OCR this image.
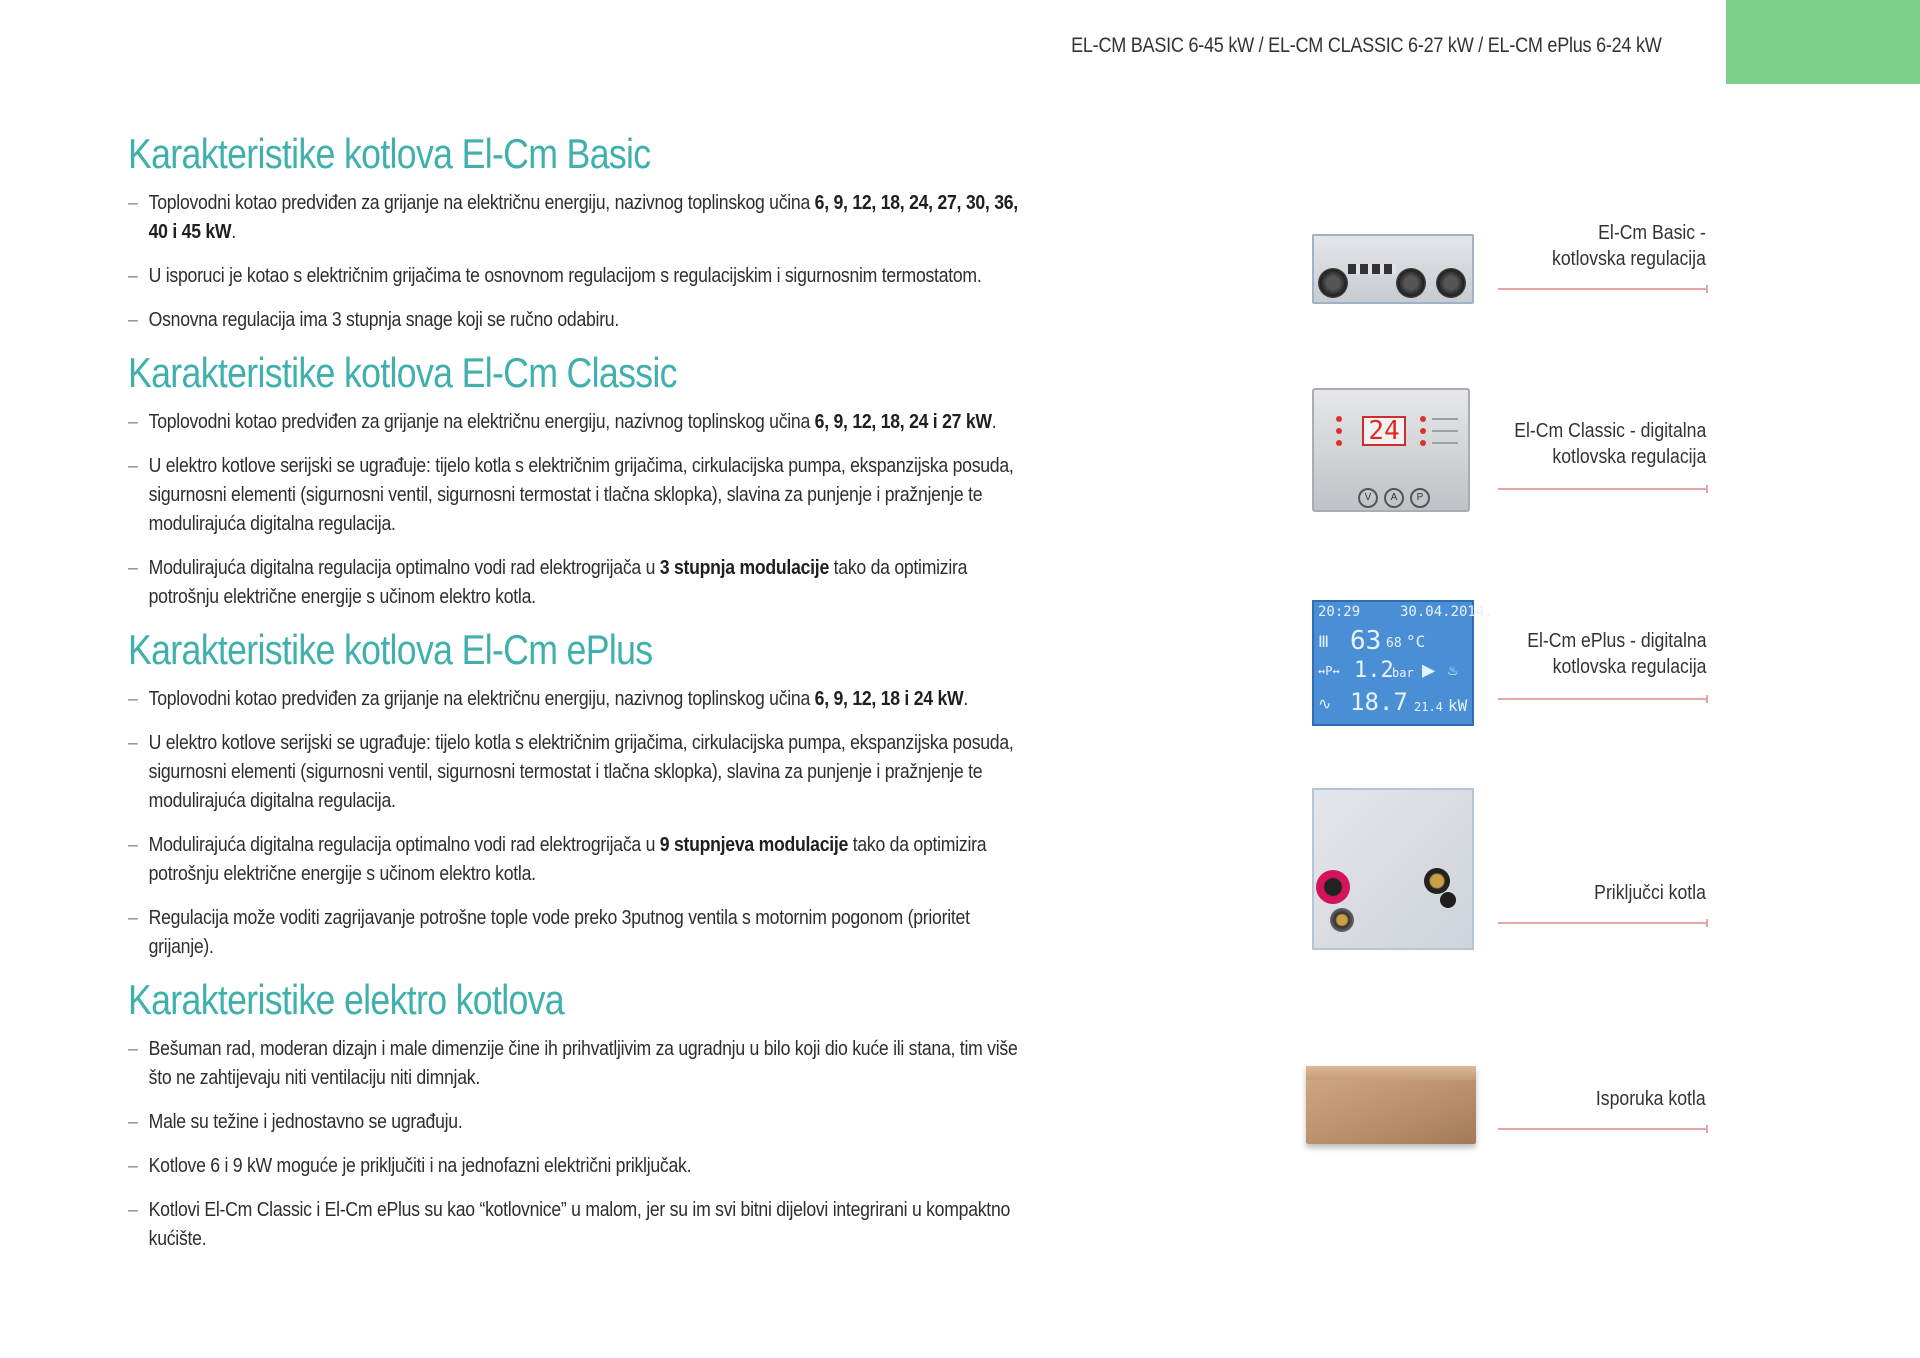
EL-CM BASIC 6-45 kW / EL-CM CLASSIC 6-27 kW / EL-CM ePlus 6-24 kW
Karakteristike kotlova El-Cm Basic
– Toplovodni kotao predviđen za grijanje na električnu energiju, nazivnog toplinskog učina 6, 9, 12, 18, 24, 27, 30, 36, 40 i 45 kW.
– U isporuci je kotao s električnim grijačima te osnovnom regulacijom s regulacijskim i sigurnosnim termostatom.
– Osnovna regulacija ima 3 stupnja snage koji se ručno odabiru.
Karakteristike kotlova El-Cm Classic
– Toplovodni kotao predviđen za grijanje na električnu energiju, nazivnog toplinskog učina 6, 9, 12, 18, 24 i 27 kW.
– U elektro kotlove serijski se ugrađuje: tijelo kotla s električnim grijačima, cirkulacijska pumpa, ekspanzijska posuda, sigurnosni elementi (sigurnosni ventil, sigurnosni termostat i tlačna sklopka), slavina za punjenje i pražnjenje te modulirajuća digitalna regulacija.
– Modulirajuća digitalna regulacija optimalno vodi rad elektrogrijača u 3 stupnja modulacije tako da optimizira potrošnju električne energije s učinom elektro kotla.
Karakteristike kotlova El-Cm ePlus
– Toplovodni kotao predviđen za grijanje na električnu energiju, nazivnog toplinskog učina 6, 9, 12, 18 i 24 kW.
– U elektro kotlove serijski se ugrađuje: tijelo kotla s električnim grijačima, cirkulacijska pumpa, ekspanzijska posuda, sigurnosni elementi (sigurnosni ventil, sigurnosni termostat i tlačna sklopka), slavina za punjenje i pražnjenje te modulirajuća digitalna regulacija.
– Modulirajuća digitalna regulacija optimalno vodi rad elektrogrijača u 9 stupnjeva modulacije tako da optimizira potrošnju električne energije s učinom elektro kotla.
– Regulacija može voditi zagrijavanje potrošne tople vode preko 3putnog ventila s motornim pogonom (prioritet grijanje).
Karakteristike elektro kotlova
– Bešuman rad, moderan dizajn i male dimenzije čine ih prihvatljivim za ugradnju u bilo koji dio kuće ili stana, tim više što ne zahtijevaju niti ventilaciju niti dimnjak.
– Male su težine i jednostavno se ugrađuju.
– Kotlove 6 i 9 kW moguće je priključiti i na jednofazni električni priključak.
– Kotlovi El-Cm Classic i El-Cm ePlus su kao “kotlovnice” u malom, jer su im svi bitni dijelovi integrirani u kompaktno kućište.
El-Cm Basic -
kotlovska regulacija
24
V	A	P
El-Cm Classic - digitalna
kotlovska regulacija
20:29	30.04.2014.
Ⅲ 63 68 °C
↔P↔ 1.2
bar ▶ ♨
∿ 18.7 21.4 kW
El-Cm ePlus - digitalna
kotlovska regulacija
Priključci kotla
Isporuka kotla
